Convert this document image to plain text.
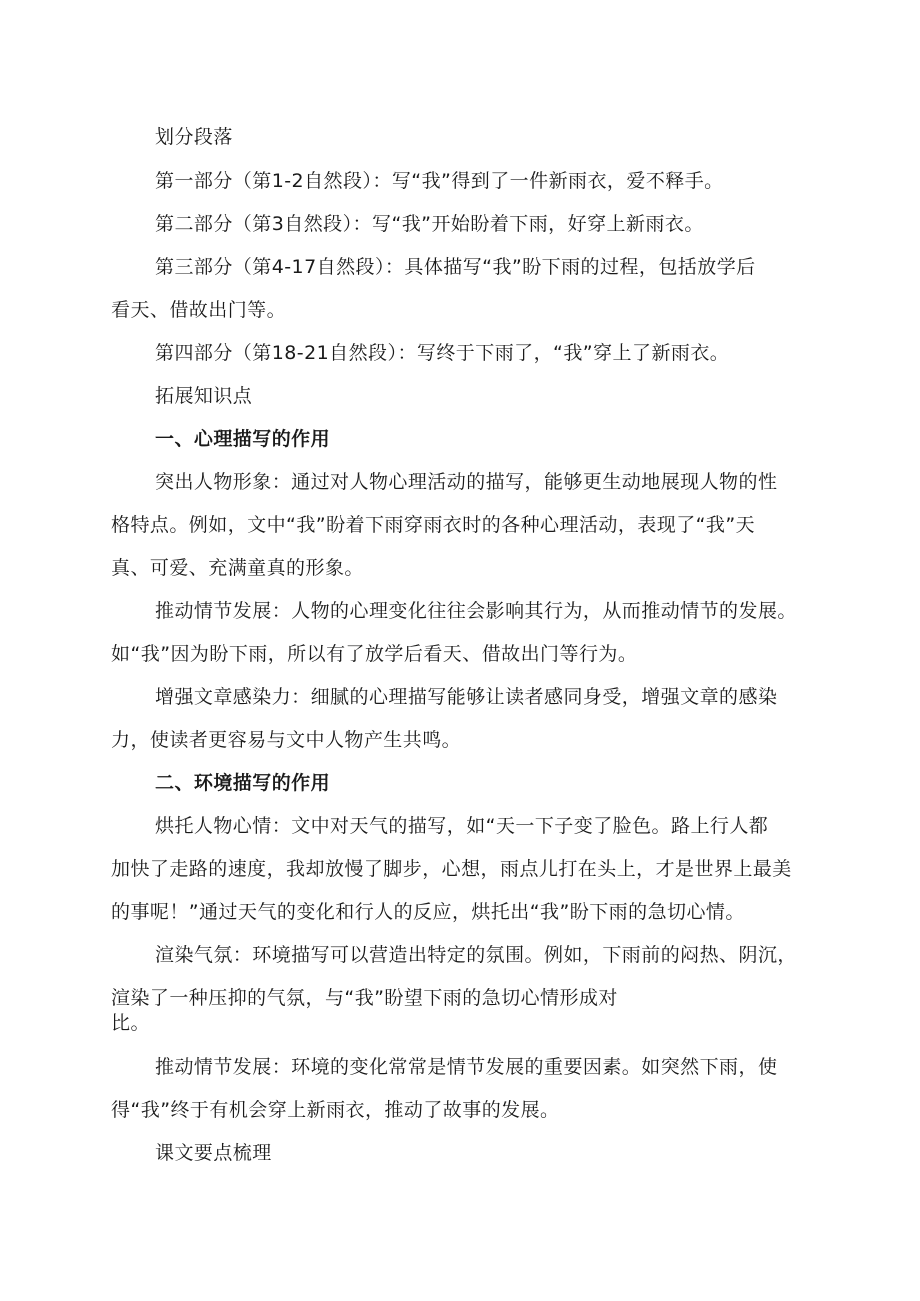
划分段落
第一部分（第1-2自然段）：写“我”得到了一件新雨衣，爱不释手。
第二部分（第3自然段）：写“我”开始盼着下雨，好穿上新雨衣。
第三部分（第4-17自然段）：具体描写“我”盼下雨的过程，包括放学后
看天、借故出门等。
第四部分（第18-21自然段）：写终于下雨了，“我”穿上了新雨衣。
拓展知识点
一、心理描写的作用
突出人物形象：通过对人物心理活动的描写，能够更生动地展现人物的性
格特点。例如，文中“我”盼着下雨穿雨衣时的各种心理活动，表现了“我”天
真、可爱、充满童真的形象。
推动情节发展：人物的心理变化往往会影响其行为，从而推动情节的发展。
如“我”因为盼下雨，所以有了放学后看天、借故出门等行为。
增强文章感染力：细腻的心理描写能够让读者感同身受，增强文章的感染
力，使读者更容易与文中人物产生共鸣。
二、环境描写的作用
烘托人物心情：文中对天气的描写，如“天一下子变了脸色。路上行人都
加快了走路的速度，我却放慢了脚步，心想，雨点儿打在头上，才是世界上最美
的事呢！”通过天气的变化和行人的反应，烘托出“我”盼下雨的急切心情。
渲染气氛：环境描写可以营造出特定的氛围。例如，下雨前的闷热、阴沉，
渲染了一种压抑的气氛，与“我”盼望下雨的急切心情形成对
比。
推动情节发展：环境的变化常常是情节发展的重要因素。如突然下雨，使
得“我”终于有机会穿上新雨衣，推动了故事的发展。
课文要点梳理
